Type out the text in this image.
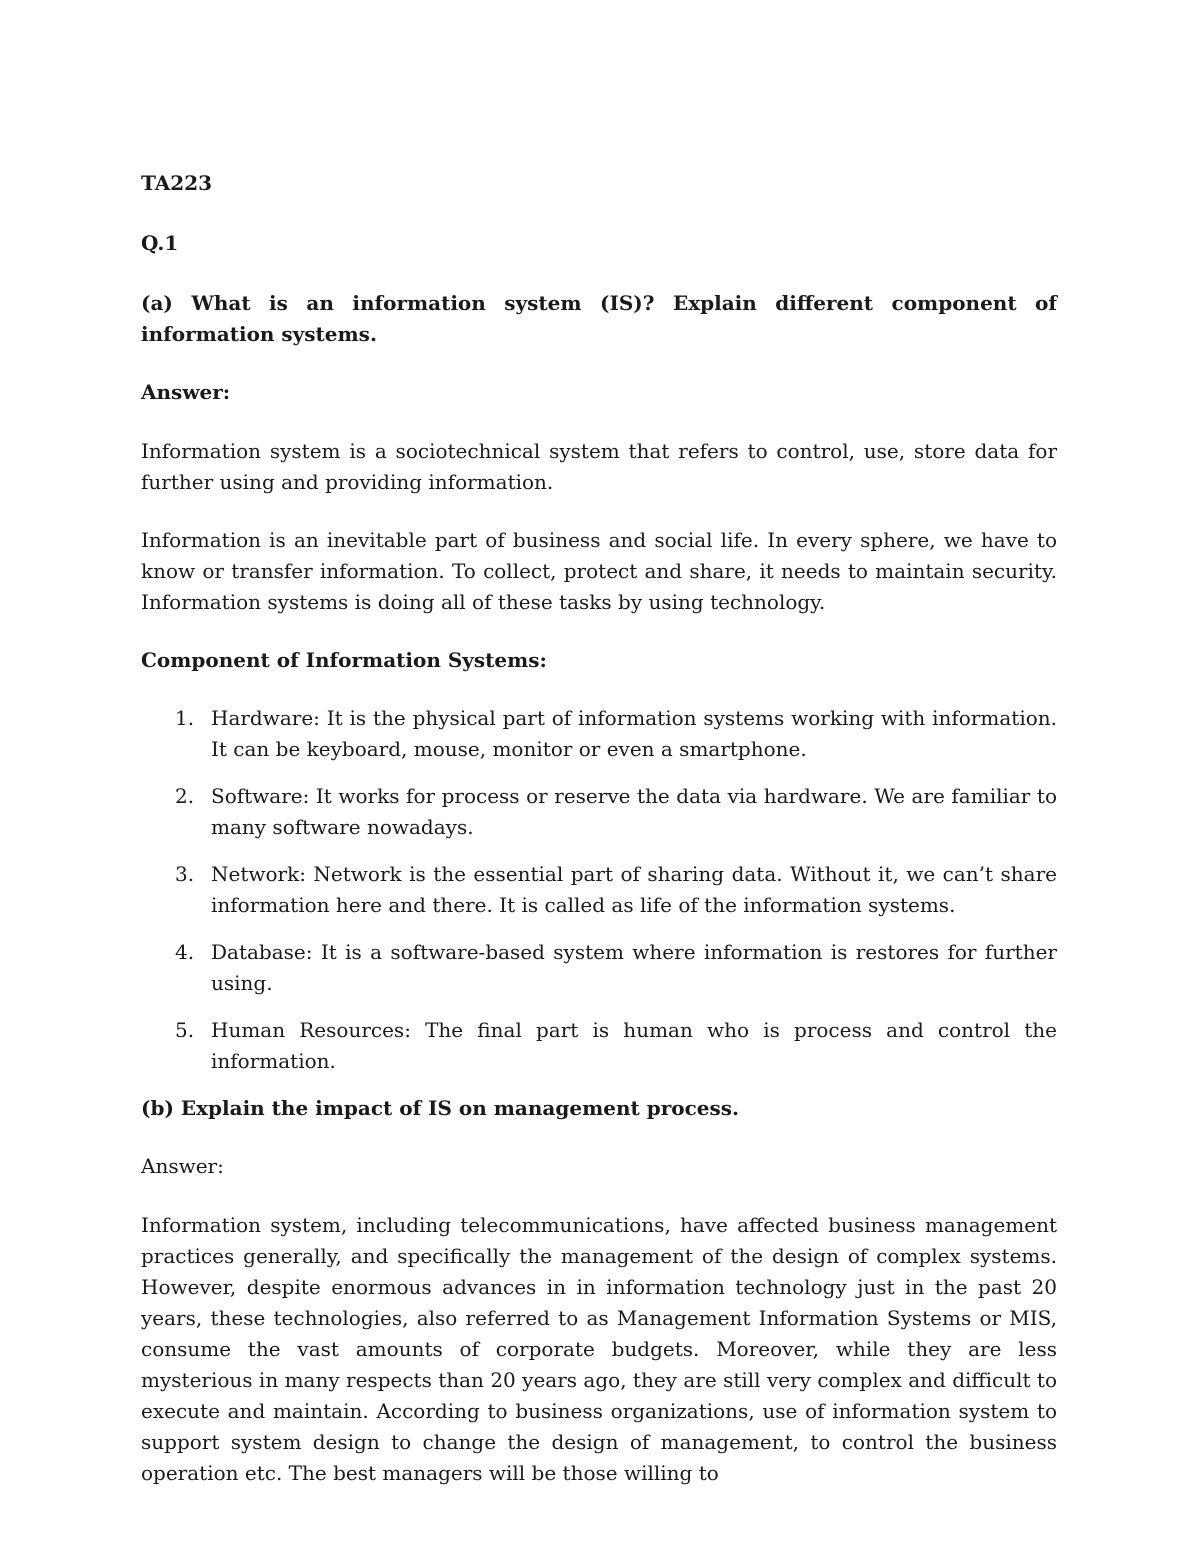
TA223

Q.1

(a) What is an information system (IS)? Explain different component of information systems.

Answer:

Information system is a sociotechnical system that refers to control, use, store data for further using and providing information.

Information is an inevitable part of business and social life. In every sphere, we have to know or transfer information. To collect, protect and share, it needs to maintain security. Information systems is doing all of these tasks by using technology.

Component of Information Systems:

1. Hardware: It is the physical part of information systems working with information. It can be keyboard, mouse, monitor or even a smartphone.
2. Software: It works for process or reserve the data via hardware. We are familiar to many software nowadays.
3. Network: Network is the essential part of sharing data. Without it, we can’t share information here and there. It is called as life of the information systems.
4. Database: It is a software-based system where information is restores for further using.
5. Human Resources: The final part is human who is process and control the information.

(b) Explain the impact of IS on management process.

Answer:

Information system, including telecommunications, have affected business management practices generally, and specifically the management of the design of complex systems. However, despite enormous advances in in information technology just in the past 20 years, these technologies, also referred to as Management Information Systems or MIS, consume the vast amounts of corporate budgets. Moreover, while they are less mysterious in many respects than 20 years ago, they are still very complex and difficult to execute and maintain. According to business organizations, use of information system to support system design to change the design of management, to control the business operation etc. The best managers will be those willing to
